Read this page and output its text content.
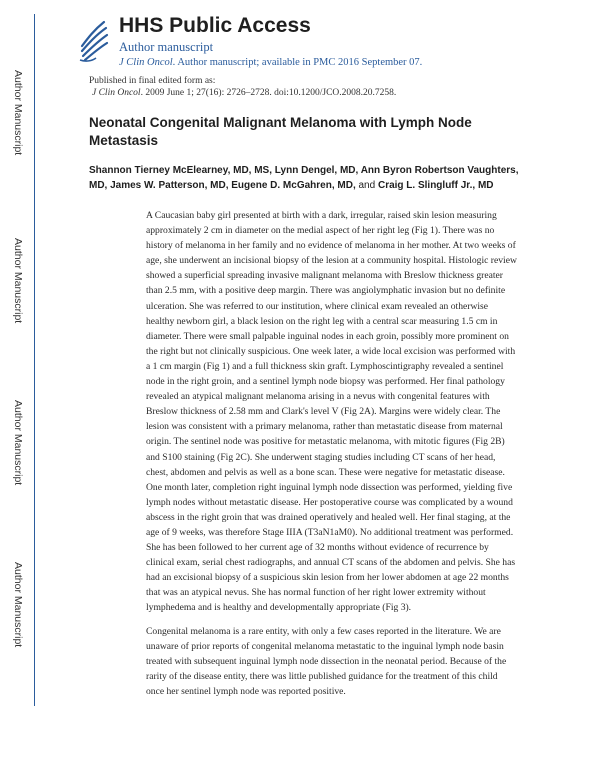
Author Manuscript
Author Manuscript
Author Manuscript
Author Manuscript
HHS Public Access
Author manuscript
J Clin Oncol. Author manuscript; available in PMC 2016 September 07.
Published in final edited form as:
J Clin Oncol. 2009 June 1; 27(16): 2726–2728. doi:10.1200/JCO.2008.20.7258.
Neonatal Congenital Malignant Melanoma with Lymph Node Metastasis

Shannon Tierney McElearney, MD, MS, Lynn Dengel, MD, Ann Byron Robertson Vaughters, MD, James W. Patterson, MD, Eugene D. McGahren, MD, and Craig L. Slingluff Jr., MD

A Caucasian baby girl presented at birth with a dark, irregular, raised skin lesion measuring approximately 2 cm in diameter on the medial aspect of her right leg (Fig 1). There was no history of melanoma in her family and no evidence of melanoma in her mother. At two weeks of age, she underwent an incisional biopsy of the lesion at a community hospital. Histologic review showed a superficial spreading invasive malignant melanoma with Breslow thickness greater than 2.5 mm, with a positive deep margin. There was angiolymphatic invasion but no definite ulceration. She was referred to our institution, where clinical exam revealed an otherwise healthy newborn girl, a black lesion on the right leg with a central scar measuring 1.5 cm in diameter. There were small palpable inguinal nodes in each groin, possibly more prominent on the right but not clinically suspicious. One week later, a wide local excision was performed with a 1 cm margin (Fig 1) and a full thickness skin graft. Lymphoscintigraphy revealed a sentinel node in the right groin, and a sentinel lymph node biopsy was performed. Her final pathology revealed an atypical malignant melanoma arising in a nevus with congenital features with Breslow thickness of 2.58 mm and Clark's level V (Fig 2A). Margins were widely clear. The lesion was consistent with a primary melanoma, rather than metastatic disease from maternal origin. The sentinel node was positive for metastatic melanoma, with mitotic figures (Fig 2B) and S100 staining (Fig 2C). She underwent staging studies including CT scans of her head, chest, abdomen and pelvis as well as a bone scan. These were negative for metastatic disease. One month later, completion right inguinal lymph node dissection was performed, yielding five lymph nodes without metastatic disease. Her postoperative course was complicated by a wound abscess in the right groin that was drained operatively and healed well. Her final staging, at the age of 9 weeks, was therefore Stage IIIA (T3aN1aM0). No additional treatment was performed. She has been followed to her current age of 32 months without evidence of recurrence by clinical exam, serial chest radiographs, and annual CT scans of the abdomen and pelvis. She has had an excisional biopsy of a suspicious skin lesion from her lower abdomen at age 22 months that was an atypical nevus. She has normal function of her right lower extremity without lymphedema and is healthy and developmentally appropriate (Fig 3).

Congenital melanoma is a rare entity, with only a few cases reported in the literature. We are unaware of prior reports of congenital melanoma metastatic to the inguinal lymph node basin treated with subsequent inguinal lymph node dissection in the neonatal period. Because of the rarity of the disease entity, there was little published guidance for the treatment of this child once her sentinel lymph node was reported positive.
